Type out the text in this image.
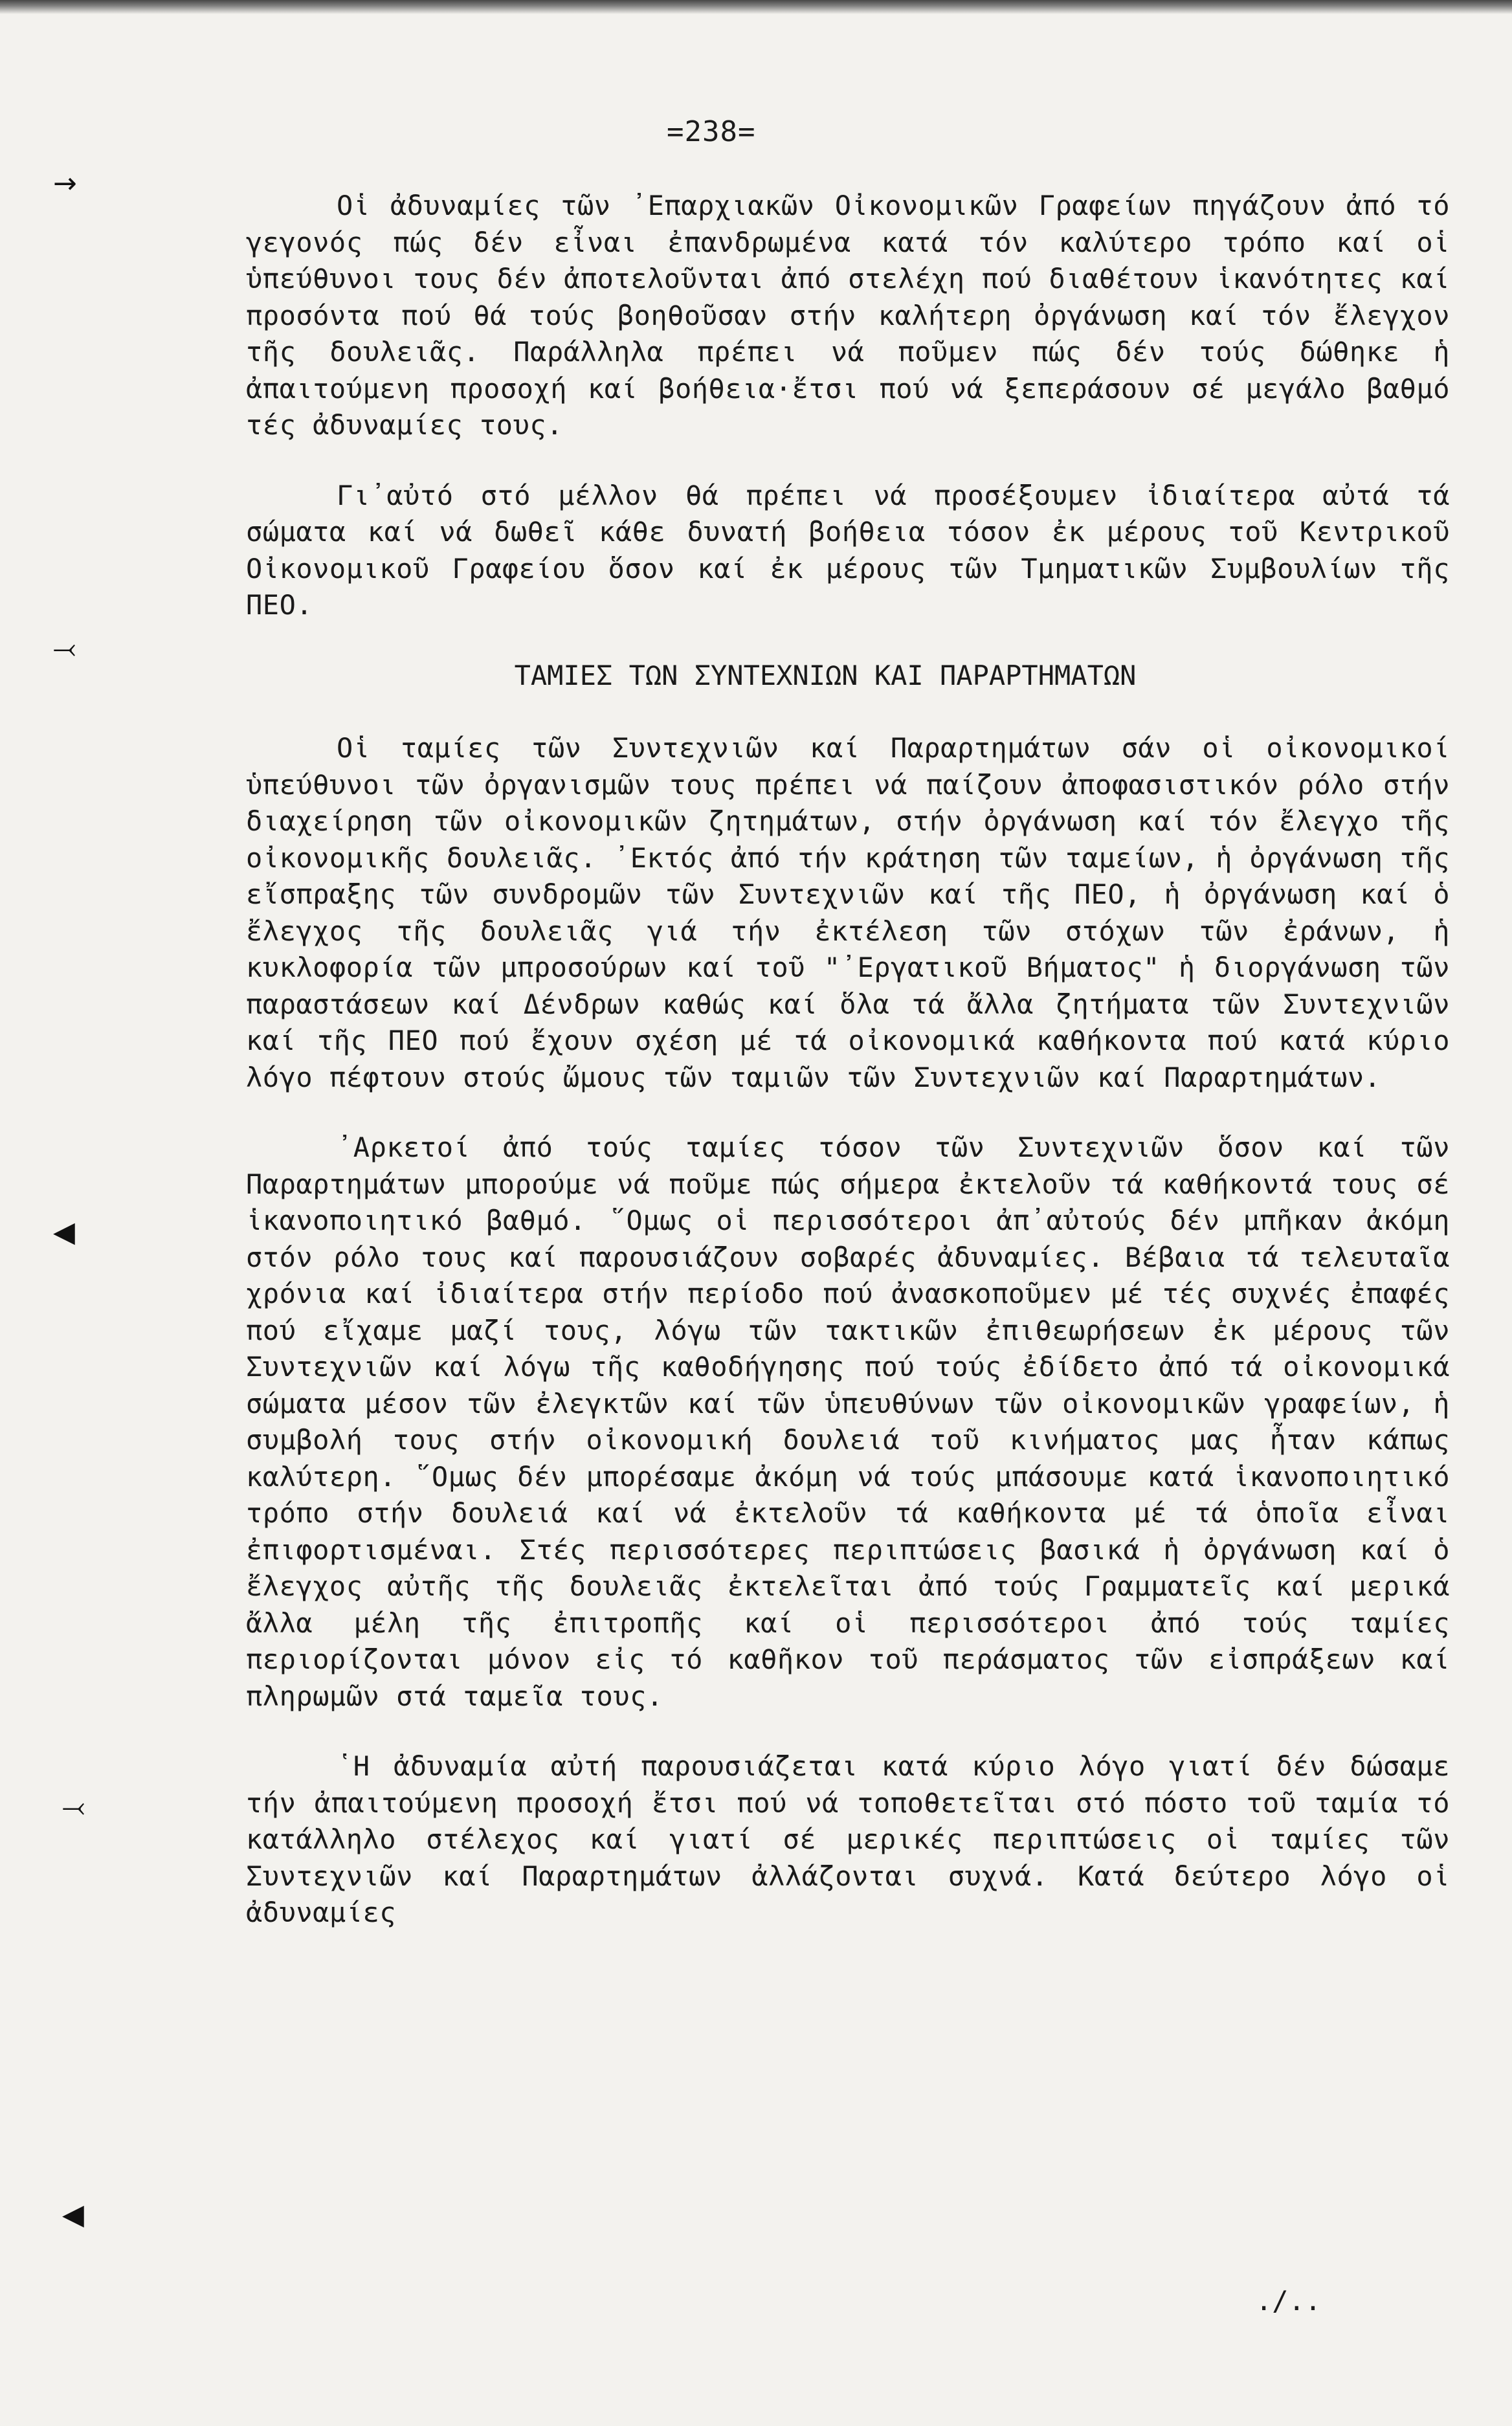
→
⤙
◀
⤙
◀
=238=

Οἱ ἀδυναμίες τῶν ᾿Επαρχιακῶν Οἰκονομικῶν Γραφείων πηγάζουν ἀπό τό γεγονός πώς δέν εἶναι ἐπανδρωμένα κατά τόν καλύτερο τρόπο καί οἱ ὑπεύθυνοι τους δέν ἀποτελοῦνται ἀπό στελέχη πού διαθέτουν ἱκανότητες καί προσόντα πού θά τούς βοηθοῦσαν στήν καλήτερη ὀργάνωση καί τόν ἔλεγχον τῆς δουλειᾶς. Παράλληλα πρέπει νά ποῦμεν πώς δέν τούς δώθηκε ἡ ἀπαιτούμενη προσοχή καί βοήθεια·ἔτσι πού νά ξεπεράσουν σέ μεγάλο βαθμό τές ἀδυναμίες τους.

Γι᾿αὐτό στό μέλλον θά πρέπει νά προσέξουμεν ἰδιαίτερα αὐτά τά σώματα καί νά δωθεῖ κάθε δυνατή βοήθεια τόσον ἐκ μέρους τοῦ Κεντρικοῦ Οἰκονομικοῦ Γραφείου ὅσον καί ἐκ μέρους τῶν Τμηματικῶν Συμβουλίων τῆς ΠΕΟ.

ΤΑΜΙΕΣ ΤΩΝ ΣΥΝΤΕΧΝΙΩΝ ΚΑΙ ΠΑΡΑΡΤΗΜΑΤΩΝ

Οἱ ταμίες τῶν Συντεχνιῶν καί Παραρτημάτων σάν οἱ οἰκονομικοί ὑπεύθυνοι τῶν ὀργανισμῶν τους πρέπει νά παίζουν ἀποφασιστικόν ρόλο στήν διαχείρηση τῶν οἰκονομικῶν ζητημάτων, στήν ὀργάνωση καί τόν ἔλεγχο τῆς οἰκονομικῆς δουλειᾶς. ᾿Εκτός ἀπό τήν κράτηση τῶν ταμείων, ἡ ὀργάνωση τῆς εἴσπραξης τῶν συνδρομῶν τῶν Συντεχνιῶν καί τῆς ΠΕΟ, ἡ ὀργάνωση καί ὁ ἔλεγχος τῆς δουλειᾶς γιά τήν ἐκτέλεση τῶν στόχων τῶν ἐράνων, ἡ κυκλοφορία τῶν μπροσούρων καί τοῦ "᾿Εργατικοῦ Βήματος" ἡ διοργάνωση τῶν παραστάσεων καί Δένδρων καθώς καί ὅλα τά ἄλλα ζητήματα τῶν Συντεχνιῶν καί τῆς ΠΕΟ πού ἔχουν σχέση μέ τά οἰκονομικά καθήκοντα πού κατά κύριο λόγο πέφτουν στούς ὤμους τῶν ταμιῶν τῶν Συντεχνιῶν καί Παραρτημάτων.

᾿Αρκετοί ἀπό τούς ταμίες τόσον τῶν Συντεχνιῶν ὅσον καί τῶν Παραρτημάτων μπορούμε νά ποῦμε πώς σήμερα ἐκτελοῦν τά καθήκοντά τους σέ ἱκανοποιητικό βαθμό. ῞Ομως οἱ περισσότεροι ἀπ᾿αὐτούς δέν μπῆκαν ἀκόμη στόν ρόλο τους καί παρουσιάζουν σοβαρές ἀδυναμίες. Βέβαια τά τελευταῖα χρόνια καί ἰδιαίτερα στήν περίοδο πού ἀνασκοποῦμεν μέ τές συχνές ἐπαφές πού εἴχαμε μαζί τους, λόγω τῶν τακτικῶν ἐπιθεωρήσεων ἐκ μέρους τῶν Συντεχνιῶν καί λόγω τῆς καθοδήγησης πού τούς ἐδίδετο ἀπό τά οἰκονομικά σώματα μέσον τῶν ἐλεγκτῶν καί τῶν ὑπευθύνων τῶν οἰκονομικῶν γραφείων, ἡ συμβολή τους στήν οἰκονομική δουλειά τοῦ κινήματος μας ἦταν κάπως καλύτερη. ῞Ομως δέν μπορέσαμε ἀκόμη νά τούς μπάσουμε κατά ἱκανοποιητικό τρόπο στήν δουλειά καί νά ἐκτελοῦν τά καθήκοντα μέ τά ὁποῖα εἶναι ἐπιφορτισμέναι. Στές περισσότερες περιπτώσεις βασικά ἡ ὀργάνωση καί ὁ ἔλεγχος αὐτῆς τῆς δουλειᾶς ἐκτελεῖται ἀπό τούς Γραμματεῖς καί μερικά ἄλλα μέλη τῆς ἐπιτροπῆς καί οἱ περισσότεροι ἀπό τούς ταμίες περιορίζονται μόνον εἰς τό καθῆκον τοῦ περάσματος τῶν εἰσπράξεων καί πληρωμῶν στά ταμεῖα τους.

῾Η ἀδυναμία αὐτή παρουσιάζεται κατά κύριο λόγο γιατί δέν δώσαμε τήν ἀπαιτούμενη προσοχή ἔτσι πού νά τοποθετεῖται στό πόστο τοῦ ταμία τό κατάλληλο στέλεχος καί γιατί σέ μερικές περιπτώσεις οἱ ταμίες τῶν Συντεχνιῶν καί Παραρτημάτων ἀλλάζονται συχνά. Κατά δεύτερο λόγο οἱ ἀδυναμίες

./..
